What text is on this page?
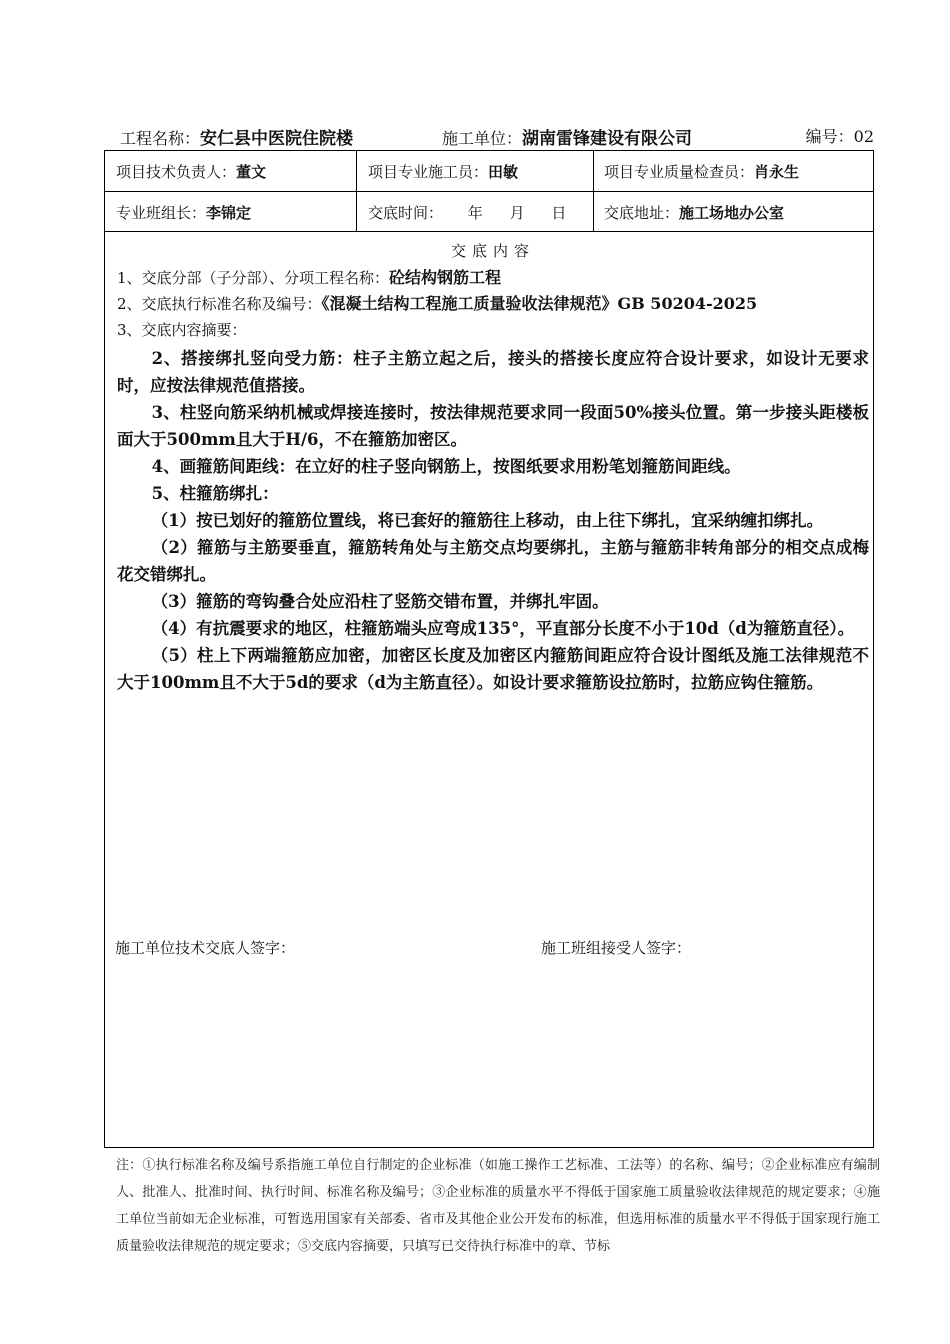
工程名称：安仁县中医院住院楼	施工单位：湖南雷锋建设有限公司	编号：02
项目技术负责人：董文	项目专业施工员：田敏	项目专业质量检查员：肖永生
专业班组长：李锦定	交底时间： 年 月 日	交底地址：施工场地办公室
交底内容
1、交底分部（子分部）、分项工程名称：砼结构钢筋工程
2、交底执行标准名称及编号：《混凝土结构工程施工质量验收法律规范》GB 50204-2025
3、交底内容摘要：

2、搭接绑扎竖向受力筋：柱子主筋立起之后，接头的搭接长度应符合设计要求，如设计无要求时，应按法律规范值搭接。

3、柱竖向筋采纳机械或焊接连接时，按法律规范要求同一段面50%接头位置。第一步接头距楼板面大于500mm且大于H/6，不在箍筋加密区。

4、画箍筋间距线：在立好的柱子竖向钢筋上，按图纸要求用粉笔划箍筋间距线。

5、柱箍筋绑扎：

（1）按已划好的箍筋位置线，将已套好的箍筋往上移动，由上往下绑扎，宜采纳缠扣绑扎。

（2）箍筋与主筋要垂直，箍筋转角处与主筋交点均要绑扎，主筋与箍筋非转角部分的相交点成梅花交错绑扎。

（3）箍筋的弯钩叠合处应沿柱了竖筋交错布置，并绑扎牢固。

（4）有抗震要求的地区，柱箍筋端头应弯成135°，平直部分长度不小于10d（d为箍筋直径）。

（5）柱上下两端箍筋应加密，加密区长度及加密区内箍筋间距应符合设计图纸及施工法律规范不大于100mm且不大于5d的要求（d为主筋直径）。如设计要求箍筋设拉筋时，拉筋应钩住箍筋。

施工单位技术交底人签字：	施工班组接受人签字：
注：①执行标准名称及编号系指施工单位自行制定的企业标准（如施工操作工艺标准、工法等）的名称、编号；②企业标准应有编制人、批准人、批准时间、执行时间、标准名称及编号；③企业标准的质量水平不得低于国家施工质量验收法律规范的规定要求；④施工单位当前如无企业标准，可暂选用国家有关部委、省市及其他企业公开发布的标准，但选用标准的质量水平不得低于国家现行施工质量验收法律规范的规定要求；⑤交底内容摘要，只填写已交待执行标准中的章、节标
